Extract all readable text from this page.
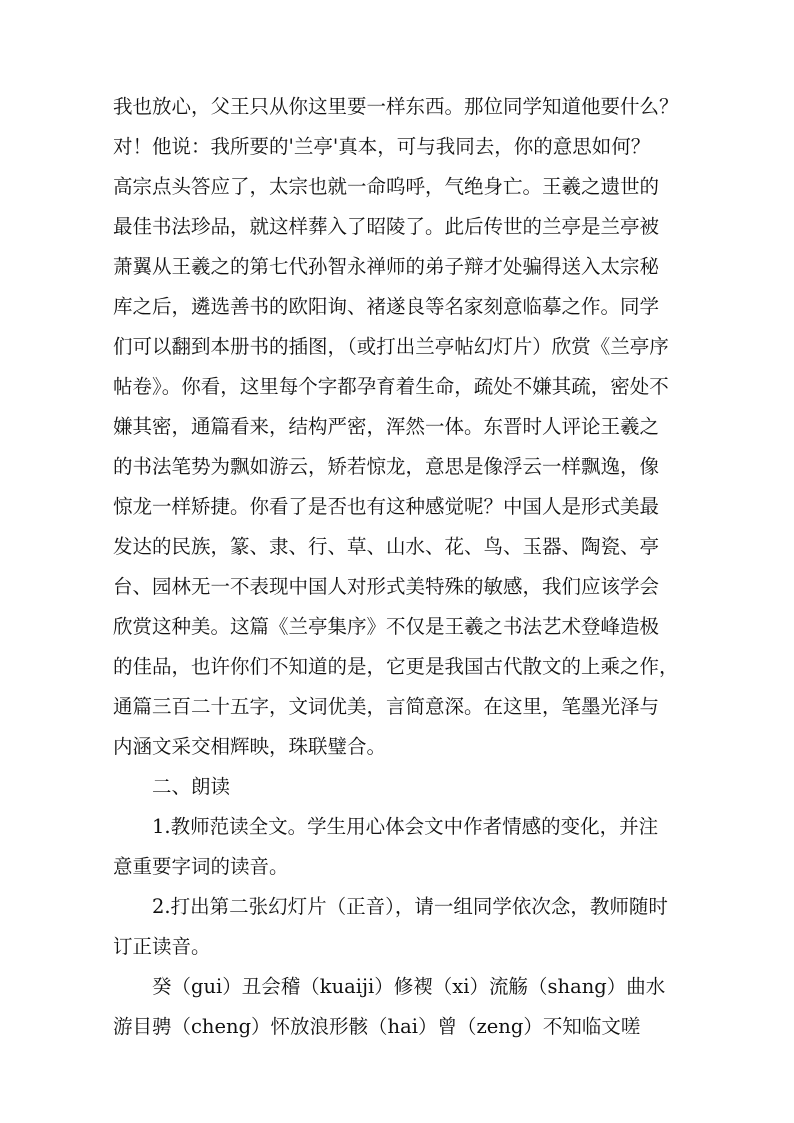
我也放心，父王只从你这里要一样东西。那位同学知道他要什么？
对！他说：我所要的'兰亭'真本，可与我同去，你的意思如何？
高宗点头答应了，太宗也就一命呜呼，气绝身亡。王羲之遗世的
最佳书法珍品，就这样葬入了昭陵了。此后传世的兰亭是兰亭被
萧翼从王羲之的第七代孙智永禅师的弟子辩才处骗得送入太宗秘
库之后，遴选善书的欧阳询、褚遂良等名家刻意临摹之作。同学
们可以翻到本册书的插图，（或打出兰亭帖幻灯片）欣赏《兰亭序
帖卷》。你看，这里每个字都孕育着生命，疏处不嫌其疏，密处不
嫌其密，通篇看来，结构严密，浑然一体。东晋时人评论王羲之
的书法笔势为飘如游云，矫若惊龙，意思是像浮云一样飘逸，像
惊龙一样矫捷。你看了是否也有这种感觉呢？中国人是形式美最
发达的民族，篆、隶、行、草、山水、花、鸟、玉器、陶瓷、亭
台、园林无一不表现中国人对形式美特殊的敏感，我们应该学会
欣赏这种美。这篇《兰亭集序》不仅是王羲之书法艺术登峰造极
的佳品，也许你们不知道的是，它更是我国古代散文的上乘之作，
通篇三百二十五字，文词优美，言简意深。在这里，笔墨光泽与
内涵文采交相辉映，珠联璧合。
二、朗读
1.教师范读全文。学生用心体会文中作者情感的变化，并注
意重要字词的读音。
2.打出第二张幻灯片（正音），请一组同学依次念，教师随时
订正读音。
癸（gui）丑会稽（kuaiji）修褉（xi）流觞（shang）曲水
游目骋（cheng）怀放浪形骸（hai）曾（zeng）不知临文嗟
